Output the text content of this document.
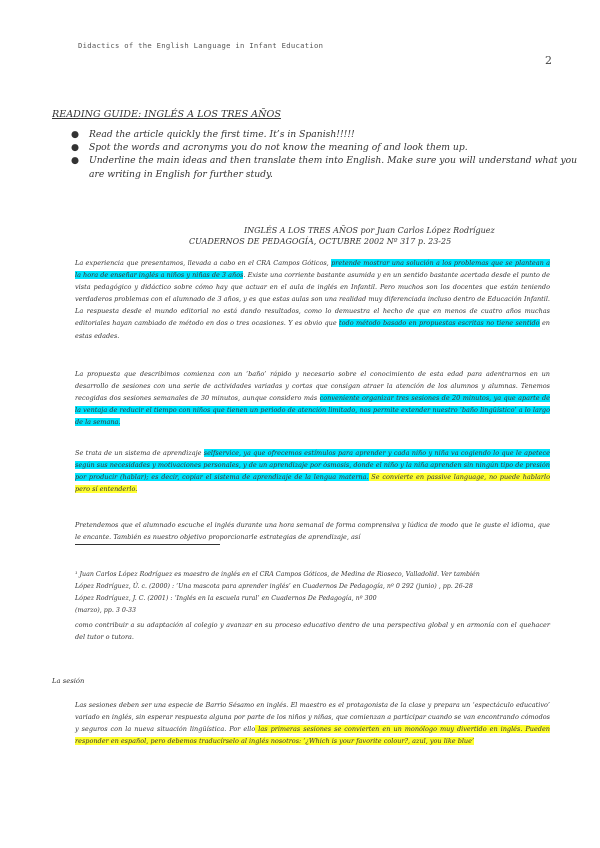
Didactics of the English Language in Infant Education
2
READING GUIDE: INGLÉS A LOS TRES AÑOS
● Read the article quickly the first time. It’s in Spanish!!!!!
● Spot the words and acronyms you do not know the meaning of and look them up.
● Underline the main ideas and then translate them into English. Make sure you will understand what you are writing in English for further study.
INGLÉS A LOS TRES AÑOS por Juan Carlos López Rodríguez
CUADERNOS DE PEDAGOGÍA, OCTUBRE 2002 Nº 317 p. 23-25
La experiencia que presentamos, llevada a cabo en el CRA Campos Góticos, pretende mostrar una solución a los problemas que se plantean a la hora de enseñar inglés a niños y niñas de 3 años. Existe una corriente bastante asumida y en un sentido bastante acertada desde el punto de vista pedagógico y didáctico sobre cómo hay que actuar en el aula de inglés en Infantil. Pero muchos son los docentes que están teniendo verdaderos problemas con el alumnado de 3 años, y es que estas aulas son una realidad muy diferenciada incluso dentro de Educación Infantil. La respuesta desde el mundo editorial no está dando resultados, como lo demuestra el hecho de que en menos de cuatro años muchas editoriales hayan cambiado de método en dos o tres ocasiones. Y es obvio que todo método basado en propuestas escritas no tiene sentido en estas edades.
La propuesta que describimos comienza con un ‘baño’ rápido y necesario sobre el conocimiento de esta edad para adentrarnos en un desarrollo de sesiones con una serie de actividades variadas y cortas que consigan atraer la atención de los alumnos y alumnas. Tenemos recogidas dos sesiones semanales de 30 minutos, aunque considero más conveniente organizar tres sesiones de 20 minutos, ya que aparte de la ventaja de reducir el tiempo con niños que tienen un periodo de atención limitado, nos permite extender nuestro ‘baño lingüístico’ a lo largo de la semana.
Se trata de un sistema de aprendizaje selfservice, ya que ofrecemos estímulos para aprender y cada niño y niña va cogiendo lo que le apetece según sus necesidades y motivaciones personales, y de un aprendizaje por ósmosis, donde el niño y la niña aprenden sin ningún tipo de presión por producir (hablar); es decir, copiar el sistema de aprendizaje de la lengua materna. Se convierte en passive language, no puede hablarlo pero sí entenderlo.
Pretendemos que el alumnado escuche el inglés durante una hora semanal de forma comprensiva y lúdica de modo que le guste el idioma, que le encante. También es nuestro objetivo proporcionarle estrategias de aprendizaje, así
¹ Juan Carlos López Rodríguez es maestro de inglés en el CRA Campos Góticos, de Medina de Rioseco, Valladolid. Ver también
López Rodríguez, Ú. c. (2000) : ‘Una mascota para aprender inglés’ en Cuadernos De Pedagogía, nº 0 292 (junio) , pp. 26-28
López Rodríguez, J. C. (2001) : ‘Inglés en la escuela rural’ en Cuadernos De Pedagogía, nº 300
(marzo), pp. 3 0-33
como contribuir a su adaptación al colegio y avanzar en su proceso educativo dentro de una perspectiva global y en armonía con el quehacer del tutor o tutora.
La sesión
Las sesiones deben ser una especie de Barrio Sésamo en inglés. El maestro es el protagonista de la clase y prepara un ‘espectáculo educativo’ variado en inglés, sin esperar respuesta alguna por parte de los niños y niñas, que comienzan a participar cuando se van encontrando cómodos y seguros con la nueva situación lingüística. Por ello las primeras sesiones se convierten en un monólogo muy divertido en inglés. Pueden responder en español, pero debemos traducírselo al inglés nosotros: ‘¿Which is your favorite colour?, azul, you like blue’
